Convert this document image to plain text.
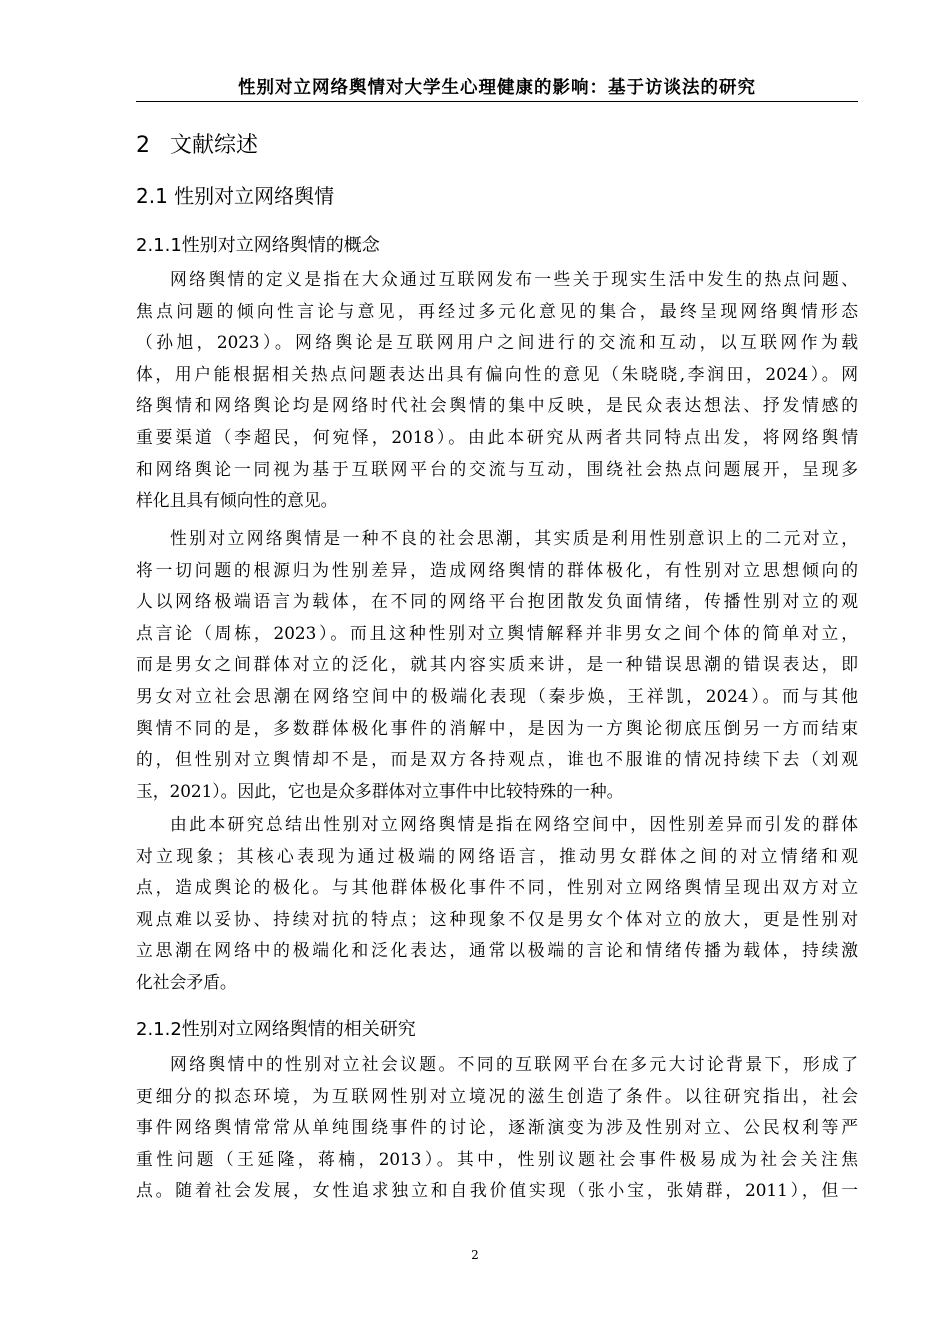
性别对立网络舆情对大学生心理健康的影响：基于访谈法的研究
2 文献综述
2.1 性别对立网络舆情
2.1.1性别对立网络舆情的概念
网络舆情的定义是指在大众通过互联网发布一些关于现实生活中发生的热点问题、
焦点问题的倾向性言论与意见，再经过多元化意见的集合，最终呈现网络舆情形态
（孙旭，2023）。网络舆论是互联网用户之间进行的交流和互动，以互联网作为载
体，用户能根据相关热点问题表达出具有偏向性的意见（朱晓晓,李润田，2024）。网
络舆情和网络舆论均是网络时代社会舆情的集中反映，是民众表达想法、抒发情感的
重要渠道（李超民，何宛怿，2018）。由此本研究从两者共同特点出发，将网络舆情
和网络舆论一同视为基于互联网平台的交流与互动，围绕社会热点问题展开，呈现多
样化且具有倾向性的意见。
性别对立网络舆情是一种不良的社会思潮，其实质是利用性别意识上的二元对立，
将一切问题的根源归为性别差异，造成网络舆情的群体极化，有性别对立思想倾向的
人以网络极端语言为载体，在不同的网络平台抱团散发负面情绪，传播性别对立的观
点言论（周栋，2023）。而且这种性别对立舆情解释并非男女之间个体的简单对立，
而是男女之间群体对立的泛化，就其内容实质来讲，是一种错误思潮的错误表达，即
男女对立社会思潮在网络空间中的极端化表现（秦步焕，王祥凯，2024）。而与其他
舆情不同的是，多数群体极化事件的消解中，是因为一方舆论彻底压倒另一方而结束
的，但性别对立舆情却不是，而是双方各持观点，谁也不服谁的情况持续下去（刘观
玉，2021）。因此，它也是众多群体对立事件中比较特殊的一种。
由此本研究总结出性别对立网络舆情是指在网络空间中，因性别差异而引发的群体
对立现象；其核心表现为通过极端的网络语言，推动男女群体之间的对立情绪和观
点，造成舆论的极化。与其他群体极化事件不同，性别对立网络舆情呈现出双方对立
观点难以妥协、持续对抗的特点；这种现象不仅是男女个体对立的放大，更是性别对
立思潮在网络中的极端化和泛化表达，通常以极端的言论和情绪传播为载体，持续激
化社会矛盾。
2.1.2性别对立网络舆情的相关研究
网络舆情中的性别对立社会议题。不同的互联网平台在多元大讨论背景下，形成了
更细分的拟态环境，为互联网性别对立境况的滋生创造了条件。以往研究指出，社会
事件网络舆情常常从单纯围绕事件的讨论，逐渐演变为涉及性别对立、公民权利等严
重性问题（王延隆，蒋楠，2013）。其中，性别议题社会事件极易成为社会关注焦
点。随着社会发展，女性追求独立和自我价值实现（张小宝，张婧群，2011），但一
2
